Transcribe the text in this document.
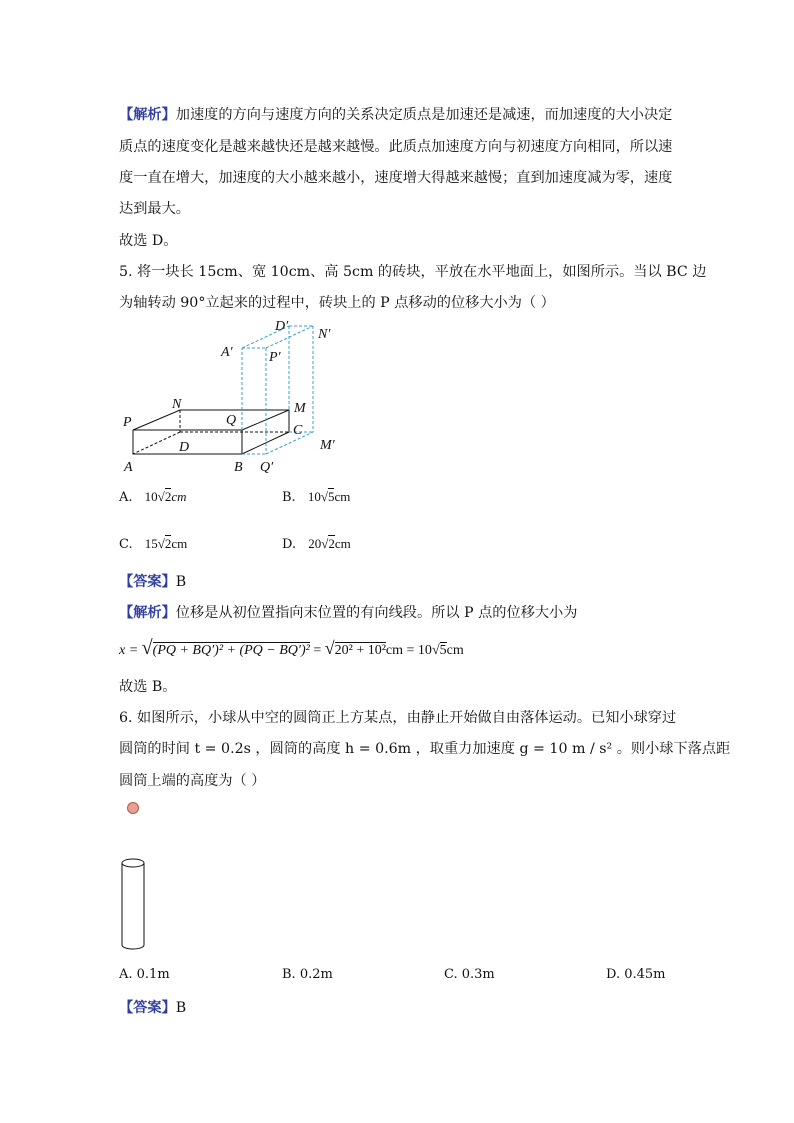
【解析】加速度的方向与速度方向的关系决定质点是加速还是减速，而加速度的大小决定
质点的速度变化是越来越快还是越来越慢。此质点加速度方向与初速度方向相同，所以速
度一直在增大，加速度的大小越来越小，速度增大得越来越慢；直到加速度减为零，速度
达到最大。
故选 D。
5. 将一块长 15cm、宽 10cm、高 5cm 的砖块，平放在水平地面上，如图所示。当以 BC 边
为轴转动 90°立起来的过程中，砖块上的 P 点移动的位移大小为（ ）
D′
N′
A′	P′
N	M
P	Q
C
D	M′
A	B Q′
A. 10√2cm	B. 10√5cm
C. 15√2cm	D. 20√2cm
【答案】B
【解析】位移是从初位置指向末位置的有向线段。所以 P 点的位移大小为
x = √(PQ + BQ′)² + (PQ − BQ′)² = √20² + 10²cm = 10√5cm
故选 B。
6. 如图所示，小球从中空的圆筒正上方某点，由静止开始做自由落体运动。已知小球穿过
圆筒的时间 t = 0.2s ，圆筒的高度 h = 0.6m ，取重力加速度 g = 10 m / s² 。则小球下落点距
圆筒上端的高度为（ ）
A. 0.1m	B. 0.2m	C. 0.3m	D. 0.45m
【答案】B
